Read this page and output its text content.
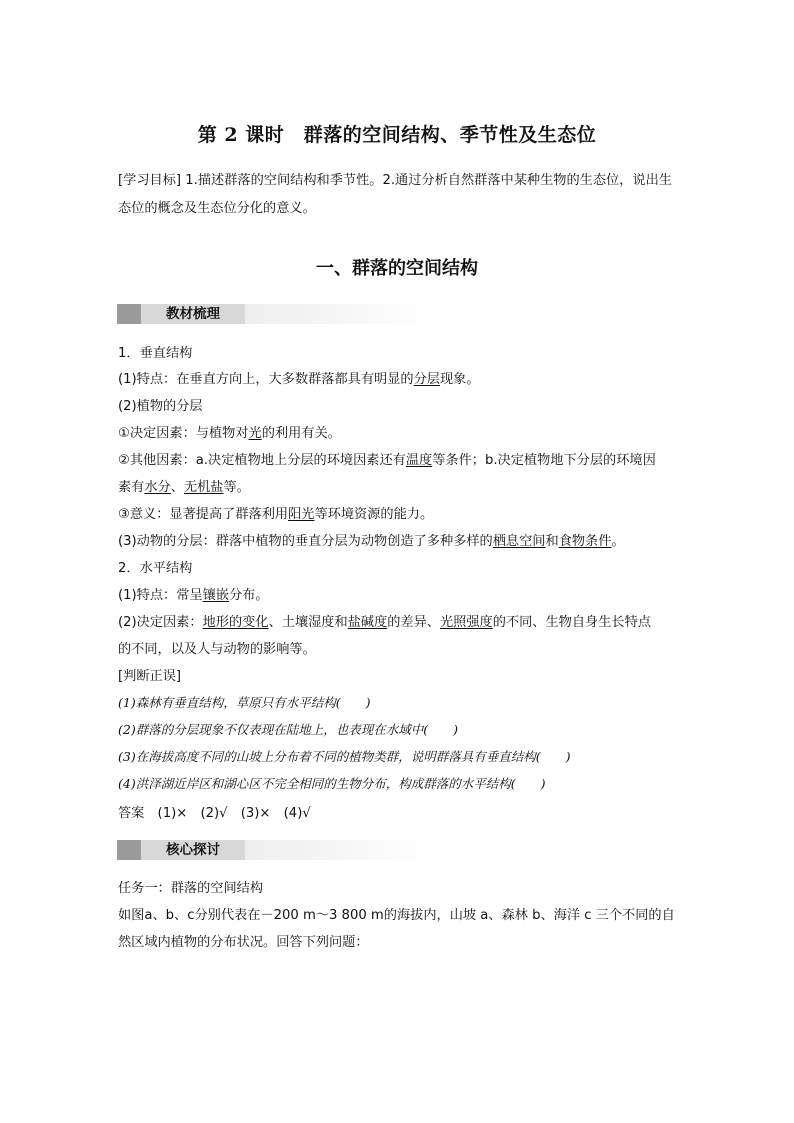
第 2 课时　群落的空间结构、季节性及生态位
[学习目标] 1.描述群落的空间结构和季节性。2.通过分析自然群落中某种生物的生态位，说出生态位的概念及生态位分化的意义。
一、群落的空间结构
教材梳理
1．垂直结构
(1)特点：在垂直方向上，大多数群落都具有明显的分层现象。
(2)植物的分层
①决定因素：与植物对光的利用有关。
②其他因素：a.决定植物地上分层的环境因素还有温度等条件；b.决定植物地下分层的环境因
素有水分、无机盐等。
③意义：显著提高了群落利用阳光等环境资源的能力。
(3)动物的分层：群落中植物的垂直分层为动物创造了多种多样的栖息空间和食物条件。
2．水平结构
(1)特点：常呈镶嵌分布。
(2)决定因素：地形的变化、土壤湿度和盐碱度的差异、光照强度的不同、生物自身生长特点
的不同，以及人与动物的影响等。
[判断正误]
(1)森林有垂直结构，草原只有水平结构(　　)
(2)群落的分层现象不仅表现在陆地上，也表现在水域中(　　)
(3)在海拔高度不同的山坡上分布着不同的植物类群，说明群落具有垂直结构(　　)
(4)洪泽湖近岸区和湖心区不完全相同的生物分布，构成群落的水平结构(　　)
答案　(1)×　(2)√　(3)×　(4)√
核心探讨
任务一：群落的空间结构
如图a、b、c分别代表在－200 m～3 800 m的海拔内，山坡 a、森林 b、海洋 c 三个不同的自
然区域内植物的分布状况。回答下列问题：
